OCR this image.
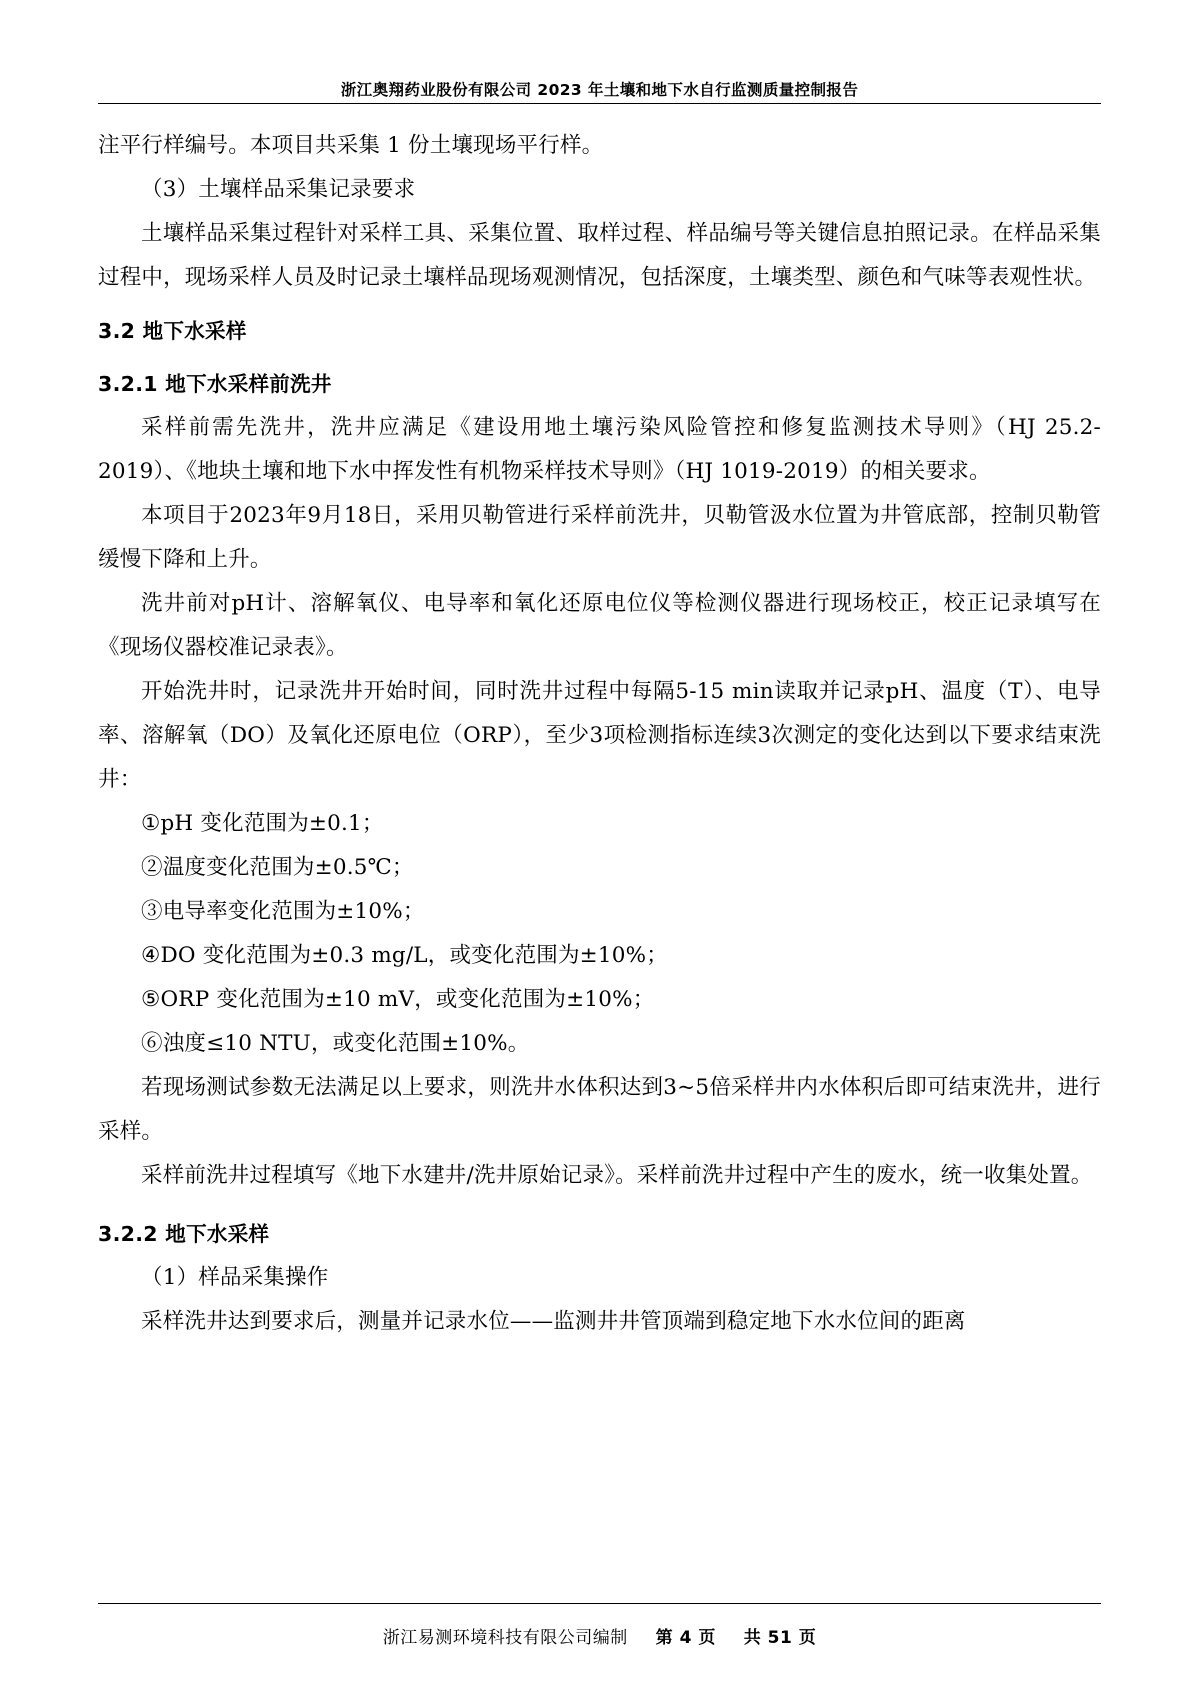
浙江奥翔药业股份有限公司 2023 年土壤和地下水自行监测质量控制报告

注平行样编号。本项目共采集 1 份土壤现场平行样。

（3）土壤样品采集记录要求

土壤样品采集过程针对采样工具、采集位置、取样过程、样品编号等关键信息拍照记录。在样品采集过程中，现场采样人员及时记录土壤样品现场观测情况，包括深度，土壤类型、颜色和气味等表观性状。

3.2 地下水采样
3.2.1 地下水采样前洗井

采样前需先洗井，洗井应满足《建设用地土壤污染风险管控和修复监测技术导则》（HJ 25.2-2019）、《地块土壤和地下水中挥发性有机物采样技术导则》（HJ 1019-2019）的相关要求。

本项目于2023年9月18日，采用贝勒管进行采样前洗井，贝勒管汲水位置为井管底部，控制贝勒管缓慢下降和上升。

洗井前对pH计、溶解氧仪、电导率和氧化还原电位仪等检测仪器进行现场校正，校正记录填写在《现场仪器校准记录表》。

开始洗井时，记录洗井开始时间，同时洗井过程中每隔5-15 min读取并记录pH、温度（T）、电导率、溶解氧（DO）及氧化还原电位（ORP），至少3项检测指标连续3次测定的变化达到以下要求结束洗井：

①pH 变化范围为±0.1；

②温度变化范围为±0.5℃；

③电导率变化范围为±10%；

④DO 变化范围为±0.3 mg/L，或变化范围为±10%；

⑤ORP 变化范围为±10 mV，或变化范围为±10%；

⑥浊度≤10 NTU，或变化范围±10%。

若现场测试参数无法满足以上要求，则洗井水体积达到3~5倍采样井内水体积后即可结束洗井，进行采样。

采样前洗井过程填写《地下水建井/洗井原始记录》。采样前洗井过程中产生的废水，统一收集处置。

3.2.2 地下水采样

（1）样品采集操作

采样洗井达到要求后，测量并记录水位——监测井井管顶端到稳定地下水水位间的距离

浙江易测环境科技有限公司编制 第 4 页 共 51 页
